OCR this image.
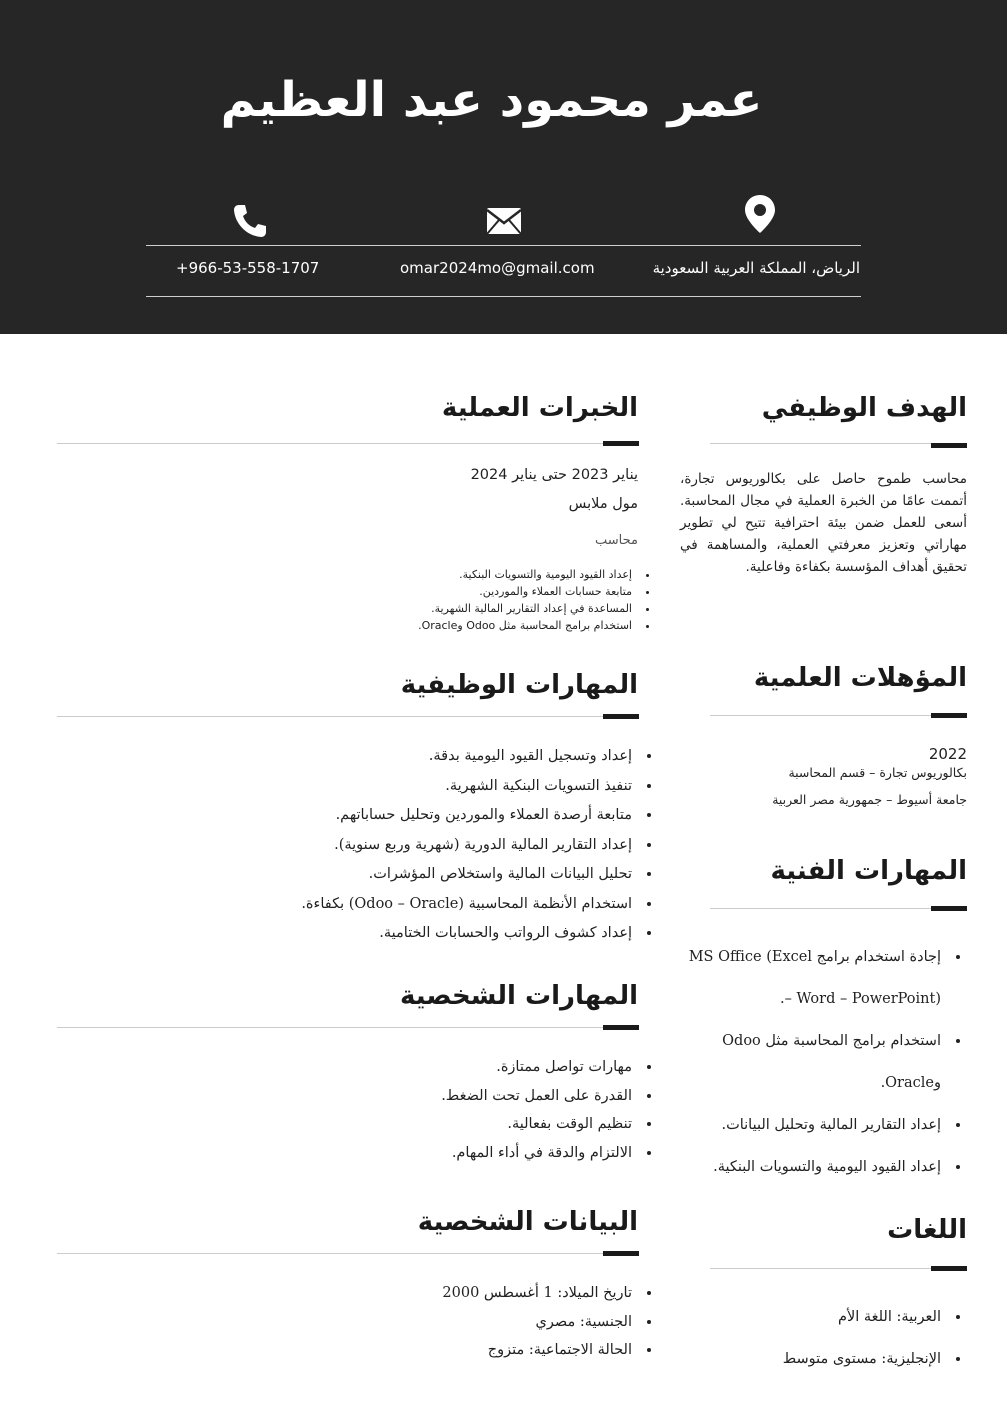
عمر محمود عبد العظيم
الرياض، المملكة العربية السعودية
omar2024mo@gmail.com
+966-53-558-1707
الهدف الوظيفي
محاسب طموح حاصل على بكالوريوس تجارة، أتممت عامًا من الخبرة العملية في مجال المحاسبة. أسعى للعمل ضمن بيئة احترافية تتيح لي تطوير مهاراتي وتعزيز معرفتي العملية، والمساهمة في تحقيق أهداف المؤسسة بكفاءة وفاعلية.
المؤهلات العلمية
2022
بكالوريوس تجارة – قسم المحاسبة
جامعة أسيوط – جمهورية مصر العربية
المهارات الفنية
• إجادة استخدام برامج MS Office (Excel – Word – PowerPoint).
• استخدام برامج المحاسبة مثل Odoo وOracle.
• إعداد التقارير المالية وتحليل البيانات.
• إعداد القيود اليومية والتسويات البنكية.
اللغات
• العربية: اللغة الأم
• الإنجليزية: مستوى متوسط
الخبرات العملية
يناير 2023 حتى يناير 2024
مول ملابس
محاسب
• إعداد القيود اليومية والتسويات البنكية.
• متابعة حسابات العملاء والموردين.
• المساعدة في إعداد التقارير المالية الشهرية.
• استخدام برامج المحاسبة مثل Odoo وOracle.
المهارات الوظيفية
• إعداد وتسجيل القيود اليومية بدقة.
• تنفيذ التسويات البنكية الشهرية.
• متابعة أرصدة العملاء والموردين وتحليل حساباتهم.
• إعداد التقارير المالية الدورية (شهرية وربع سنوية).
• تحليل البيانات المالية واستخلاص المؤشرات.
• استخدام الأنظمة المحاسبية (Odoo – Oracle) بكفاءة.
• إعداد كشوف الرواتب والحسابات الختامية.
المهارات الشخصية
• مهارات تواصل ممتازة.
• القدرة على العمل تحت الضغط.
• تنظيم الوقت بفعالية.
• الالتزام والدقة في أداء المهام.
البيانات الشخصية
• تاريخ الميلاد: 1 أغسطس 2000
• الجنسية: مصري
• الحالة الاجتماعية: متزوج
